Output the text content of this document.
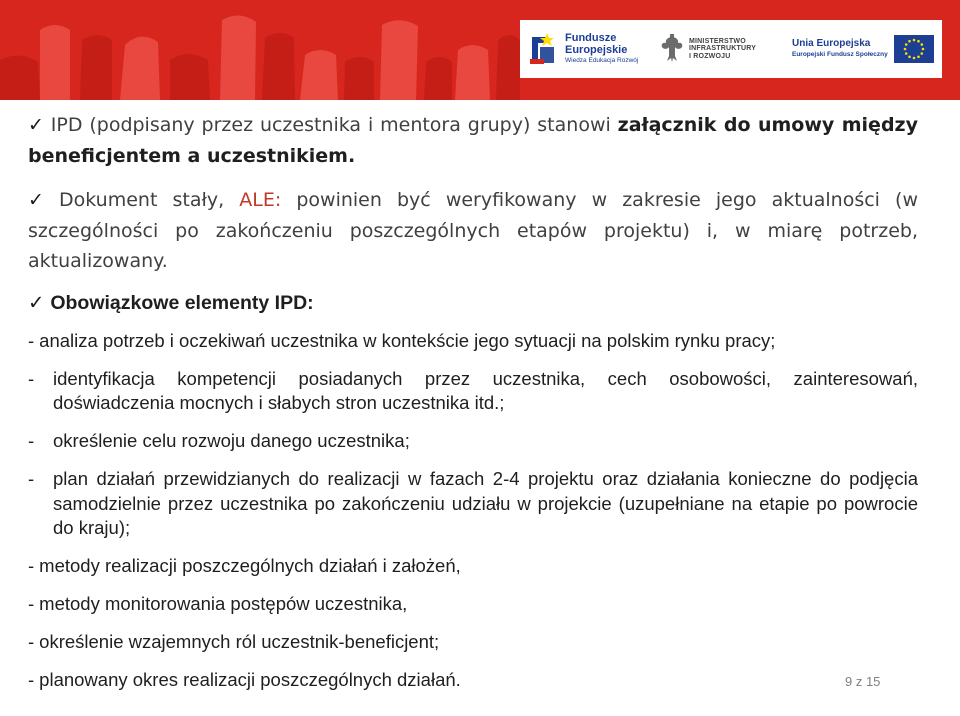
Fundusze
Europejskie
Wiedza Edukacja Rozwój
MINISTERSTWO
INFRASTRUKTURY
I ROZWOJU
Unia Europejska
Europejski Fundusz Społeczny

✓ IPD (podpisany przez uczestnika i mentora grupy) stanowi załącznik do umowy między beneficjentem a uczestnikiem.

✓ Dokument stały, ALE: powinien być weryfikowany w zakresie jego aktualności (w szczególności po zakończeniu poszczególnych etapów projektu) i, w miarę potrzeb, aktualizowany.

✓ Obowiązkowe elementy IPD:
- analiza potrzeb i oczekiwań uczestnika w kontekście jego sytuacji na polskim rynku pracy;
- identyfikacja kompetencji posiadanych przez uczestnika, cech osobowości, zainteresowań, doświadczenia mocnych i słabych stron uczestnika itd.;
- określenie celu rozwoju danego uczestnika;
- plan działań przewidzianych do realizacji w fazach 2-4 projektu oraz działania konieczne do podjęcia samodzielnie przez uczestnika po zakończeniu udziału w projekcie (uzupełniane na etapie po powrocie do kraju);
- metody realizacji poszczególnych działań i założeń,
- metody monitorowania postępów uczestnika,
- określenie wzajemnych ról uczestnik-beneficjent;
- planowany okres realizacji poszczególnych działań.	9 z 15
